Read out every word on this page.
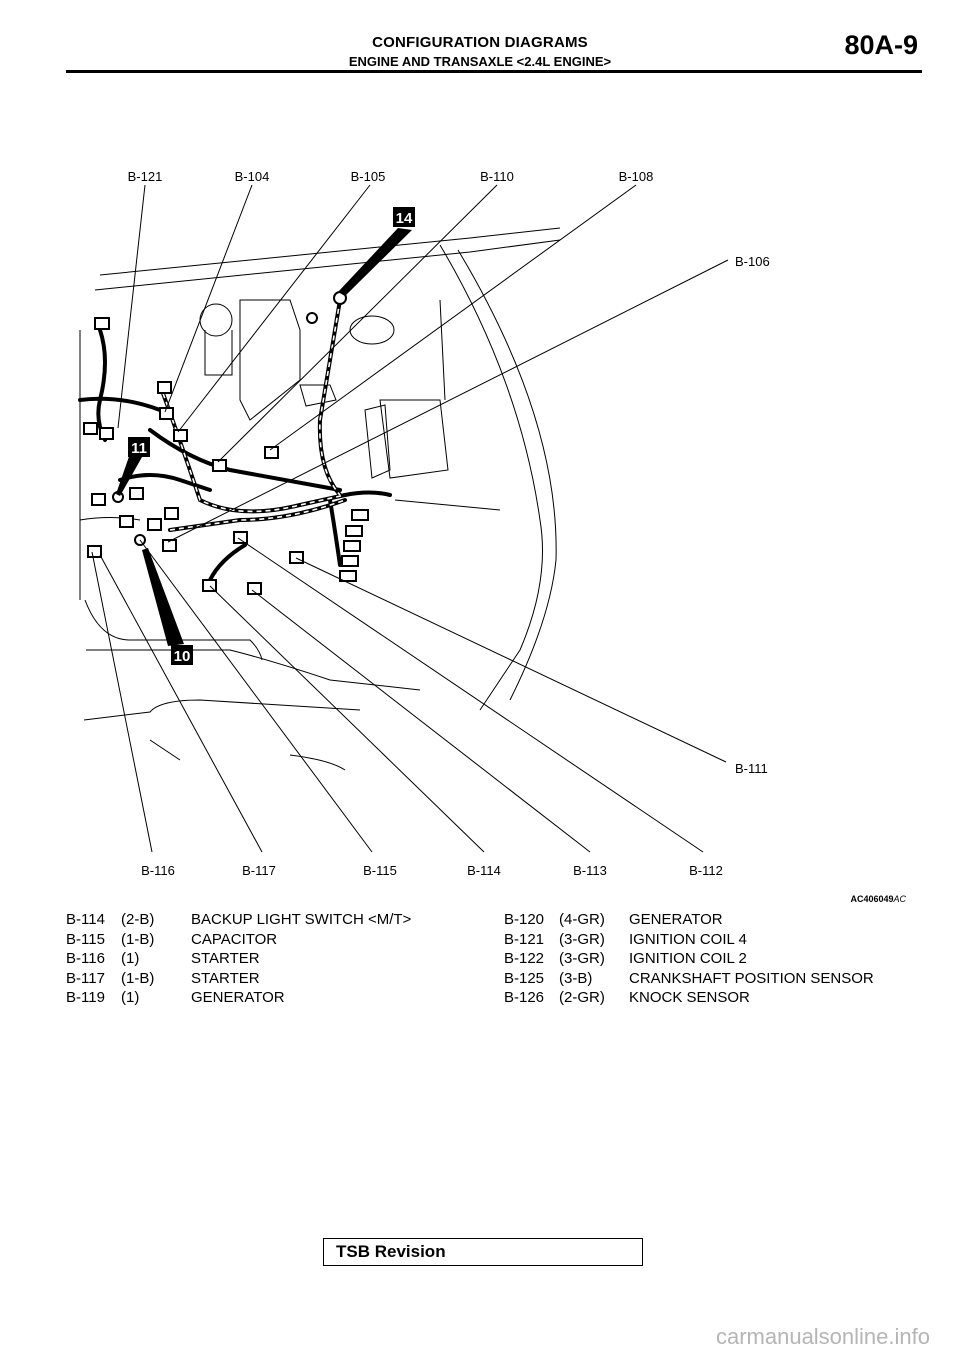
CONFIGURATION DIAGRAMS
ENGINE AND TRANSAXLE <2.4L ENGINE>
80A-9
14
11
10
B-121	B-104	B-105	B-110	B-108
B-106
B-116	B-117	B-115	B-114	B-113	B-112
B-111
AC406049AC
B-114 (2-B) BACKUP LIGHT SWITCH <M/T>
B-115 (1-B) CAPACITOR
B-116 (1)	STARTER
B-117 (1-B) STARTER
B-119 (1)	GENERATOR
B-120 (4-GR) GENERATOR
B-121 (3-GR) IGNITION COIL 4
B-122 (3-GR) IGNITION COIL 2
B-125 (3-B) CRANKSHAFT POSITION SENSOR
B-126 (2-GR) KNOCK SENSOR
TSB Revision
carmanualsonline.info
